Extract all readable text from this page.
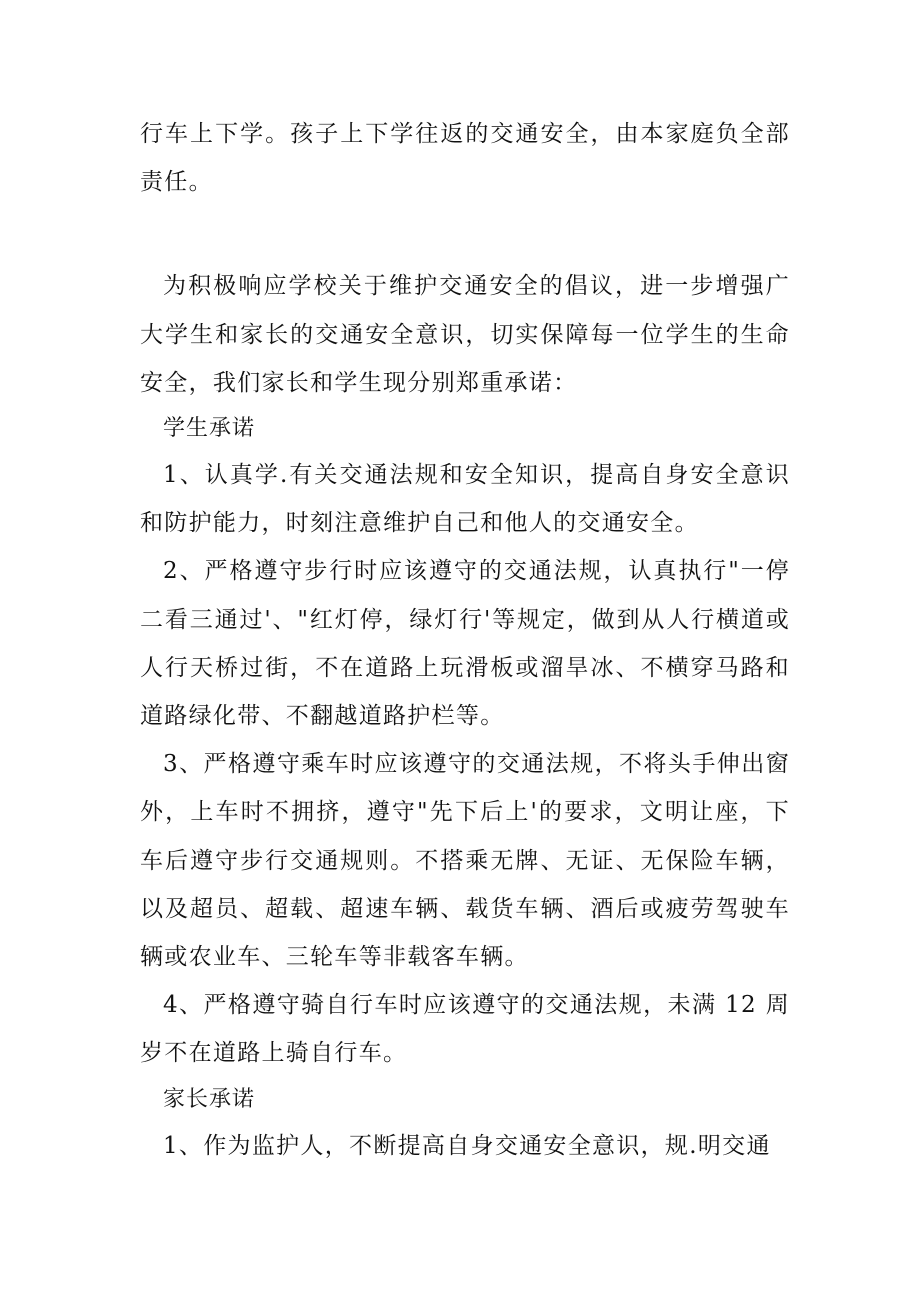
行车上下学。孩子上下学往返的交通安全，由本家庭负全部责任。

为积极响应学校关于维护交通安全的倡议，进一步增强广大学生和家长的交通安全意识，切实保障每一位学生的生命安全，我们家长和学生现分别郑重承诺：

学生承诺

1、认真学.有关交通法规和安全知识，提高自身安全意识和防护能力，时刻注意维护自己和他人的交通安全。

2、严格遵守步行时应该遵守的交通法规，认真执行"一停二看三通过'、"红灯停，绿灯行'等规定，做到从人行横道或人行天桥过街，不在道路上玩滑板或溜旱冰、不横穿马路和道路绿化带、不翻越道路护栏等。

3、严格遵守乘车时应该遵守的交通法规，不将头手伸出窗外，上车时不拥挤，遵守"先下后上'的要求，文明让座，下车后遵守步行交通规则。不搭乘无牌、无证、无保险车辆，以及超员、超载、超速车辆、载货车辆、酒后或疲劳驾驶车辆或农业车、三轮车等非载客车辆。

4、严格遵守骑自行车时应该遵守的交通法规，未满 12 周岁不在道路上骑自行车。

家长承诺

1、作为监护人，不断提高自身交通安全意识，规.明交通
